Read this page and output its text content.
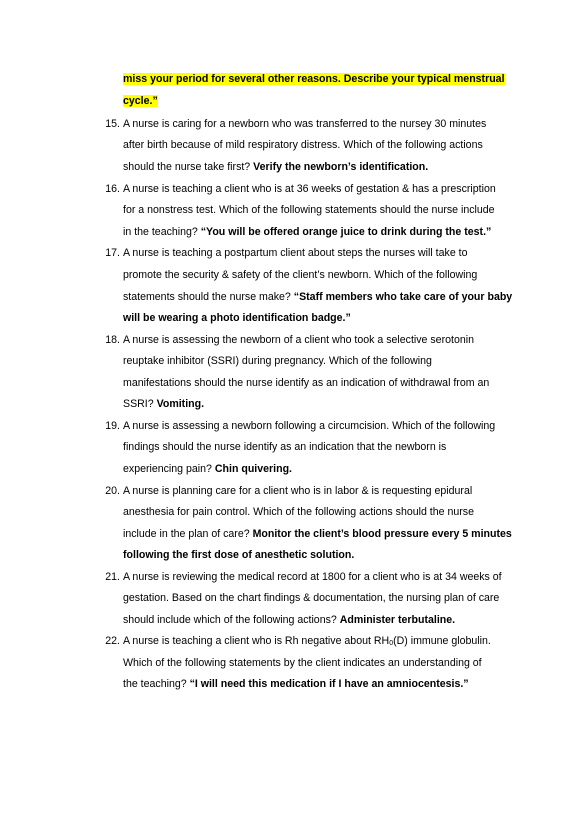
miss your period for several other reasons. Describe your typical menstrual
cycle.”
15. A nurse is caring for a newborn who was transferred to the nursey 30 minutes
after birth because of mild respiratory distress. Which of the following actions
should the nurse take first? Verify the newborn’s identification.
16. A nurse is teaching a client who is at 36 weeks of gestation & has a prescription
for a nonstress test. Which of the following statements should the nurse include
in the teaching? “You will be offered orange juice to drink during the test.”
17. A nurse is teaching a postpartum client about steps the nurses will take to
promote the security & safety of the client’s newborn. Which of the following
statements should the nurse make? “Staff members who take care of your baby
will be wearing a photo identification badge.”
18. A nurse is assessing the newborn of a client who took a selective serotonin
reuptake inhibitor (SSRI) during pregnancy. Which of the following
manifestations should the nurse identify as an indication of withdrawal from an
SSRI? Vomiting.
19. A nurse is assessing a newborn following a circumcision. Which of the following
findings should the nurse identify as an indication that the newborn is
experiencing pain? Chin quivering.
20. A nurse is planning care for a client who is in labor & is requesting epidural
anesthesia for pain control. Which of the following actions should the nurse
include in the plan of care? Monitor the client’s blood pressure every 5 minutes
following the first dose of anesthetic solution.
21. A nurse is reviewing the medical record at 1800 for a client who is at 34 weeks of
gestation. Based on the chart findings & documentation, the nursing plan of care
should include which of the following actions? Administer terbutaline.
22. A nurse is teaching a client who is Rh negative about $RH_0(D)$ immune globulin.
Which of the following statements by the client indicates an understanding of
the teaching? “I will need this medication if I have an amniocentesis.”
